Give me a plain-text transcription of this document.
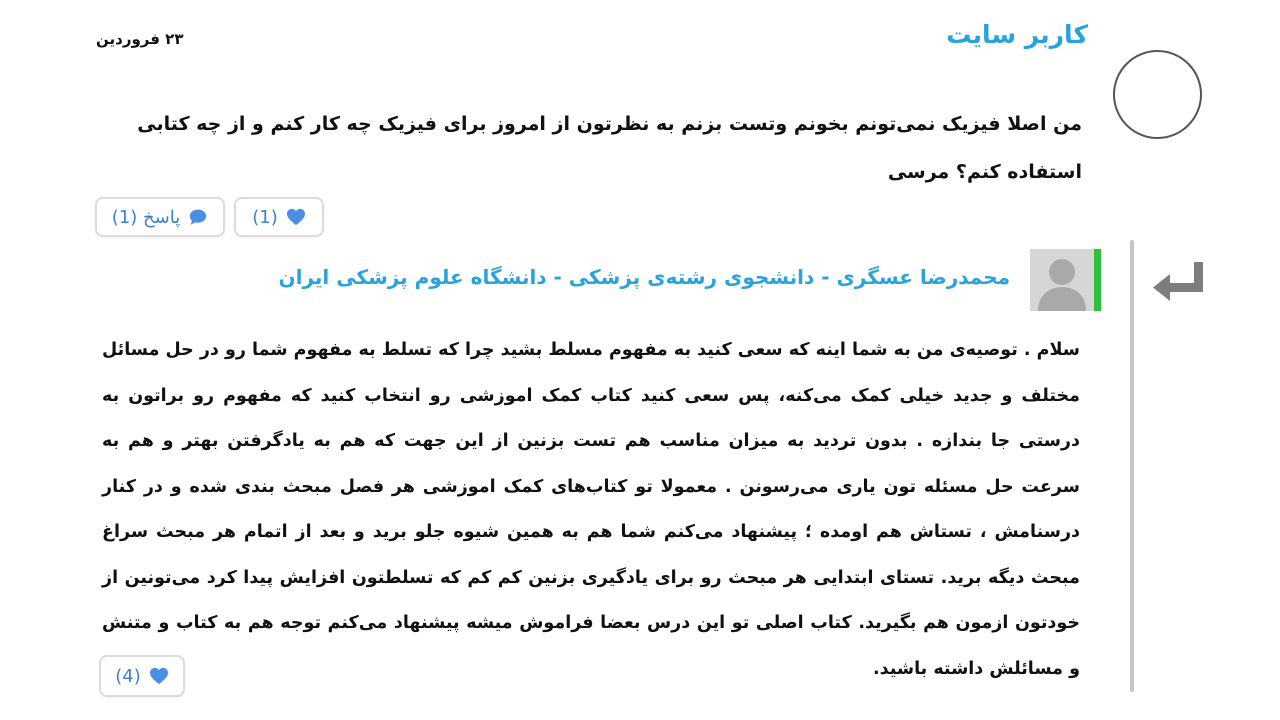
کاربر سایت
۲۳ فروردین
من اصلا فیزیک نمی‌تونم بخونم وتست بزنم به نظرتون از امروز برای فیزیک چه کار کنم و از چه کتابی استفاده کنم؟ مرسی
(1)
پاسخ (1)
محمدرضا عسگری - دانشجوی رشته‌ی پزشکی - دانشگاه علوم پزشکی ایران
سلام . توصیه‌ی من به شما اینه که سعی کنید به مفهوم مسلط بشید چرا که تسلط به مفهوم شما رو در حل مسائل مختلف و جدید خیلی کمک می‌کنه، پس سعی کنید کتاب کمک اموزشی رو انتخاب کنید که مفهوم رو براتون به درستی جا بندازه . بدون تردید به میزان مناسب هم تست بزنین از این جهت که هم به یادگرفتن بهتر و هم به سرعت حل مسئله تون یاری می‌رسونن . معمولا تو کتاب‌های کمک اموزشی هر فصل مبحث بندی شده و در کنار درسنامش ، تستاش هم اومده ؛ پیشنهاد می‌کنم شما هم به همین شیوه جلو برید و بعد از اتمام هر مبحث سراغ مبحث دیگه برید. تستای ابتدایی هر مبحث رو برای یادگیری بزنین کم کم که تسلطتون افزایش پیدا کرد می‌تونین از خودتون ازمون هم بگیرید. کتاب اصلی تو این درس بعضا فراموش میشه پیشنهاد می‌کنم توجه هم به کتاب و متنش و مسائلش داشته باشید.
(4)
